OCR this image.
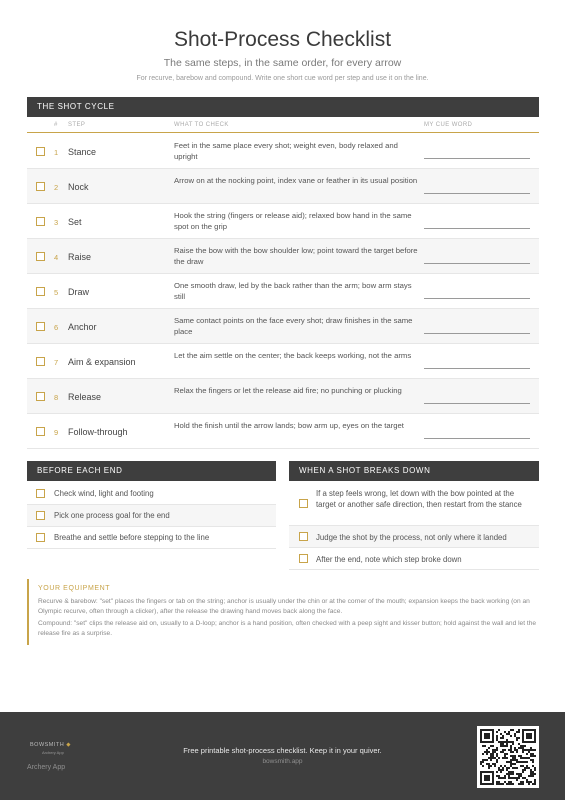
Shot-Process Checklist
The same steps, in the same order, for every arrow
For recurve, barebow and compound. Write one short cue word per step and use it on the line.
THE SHOT CYCLE
# STEP	WHAT TO CHECK	MY CUE WORD
1 Stance
Feet in the same place every shot; weight even, body relaxed and upright
2 Nock
Arrow on at the nocking point, index vane or feather in its usual position
3 Set
Hook the string (fingers or release aid); relaxed bow hand in the same spot on the grip
4 Raise
Raise the bow with the bow shoulder low; point toward the target before the draw
5 Draw
One smooth draw, led by the back rather than the arm; bow arm stays still
6 Anchor
Same contact points on the face every shot; draw finishes in the same place
7 Aim & expansion
Let the aim settle on the center; the back keeps working, not the arms
8 Release
Relax the fingers or let the release aid fire; no punching or plucking
9 Follow-through
Hold the finish until the arrow lands; bow arm up, eyes on the target
BEFORE EACH END
Check wind, light and footing
Pick one process goal for the end
Breathe and settle before stepping to the line
WHEN A SHOT BREAKS DOWN
If a step feels wrong, let down with the bow pointed at the target or another safe direction, then restart from the stance
Judge the shot by the process, not only where it landed
After the end, note which step broke down
YOUR EQUIPMENT
Recurve & barebow: "set" places the fingers or tab on the string; anchor is usually under the chin or at the corner of the mouth; expansion keeps the back working (on an Olympic recurve, often through a clicker), after the release the drawing hand moves back along the face.
Compound: "set" clips the release aid on, usually to a D-loop; anchor is a hand position, often checked with a peep sight and kisser button; hold against the wall and let the release fire as a surprise.
BOWSMITH ◆
Archery App
Archery App
Free printable shot-process checklist. Keep it in your quiver.
bowsmith.app
